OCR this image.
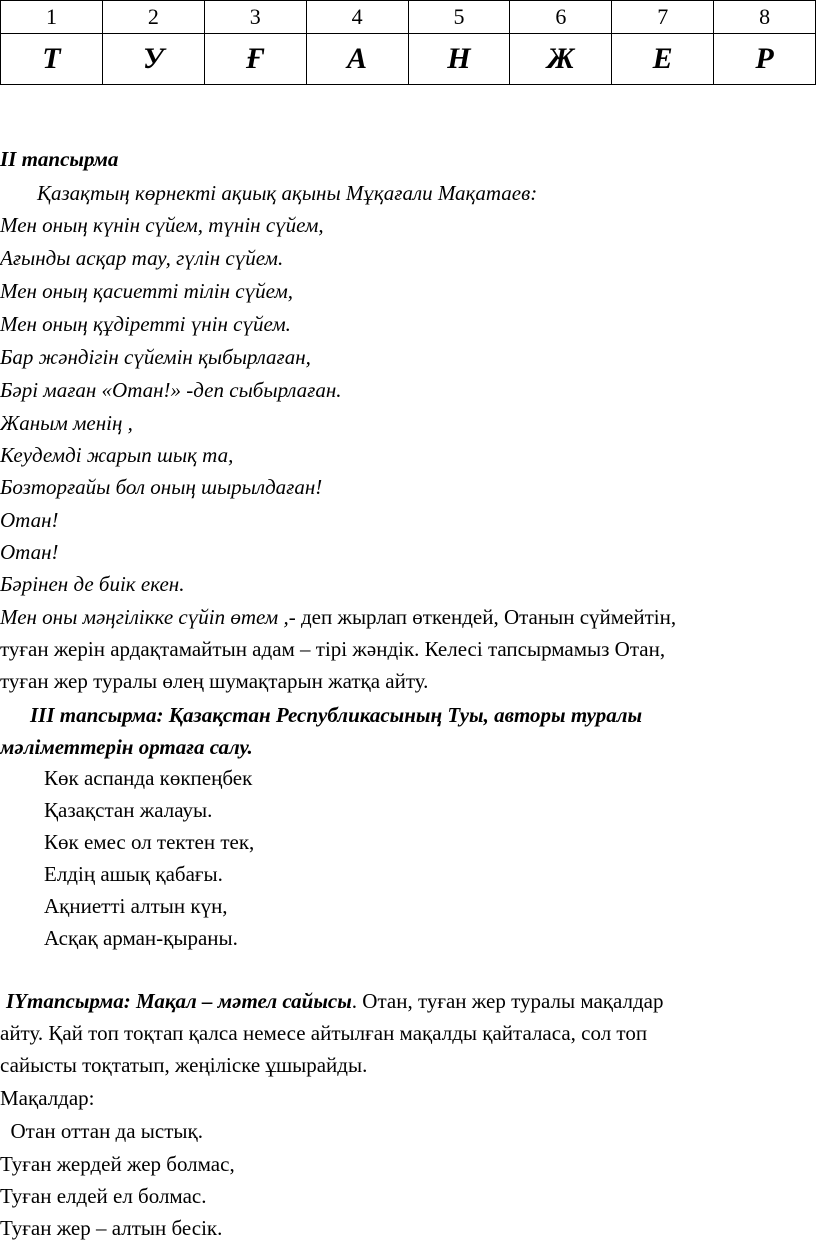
1	2	3	4	5	6	7	8
Т	У	Ғ	А	Н	Ж	Е	Р
ІІ тапсырма
Қазақтың көрнекті ақиық ақыны Мұқағали Мақатаев:
Мен оның күнін сүйем, түнін сүйем,
Ағынды асқар тау, гүлін сүйем.
Мен оның қасиетті тілін сүйем,
Мен оның құдіретті үнін сүйем.
Бар жәндігін сүйемін қыбырлаған,
Бәрі маған «Отан!» -деп сыбырлаған.
Жаным менің ,
Кеудемді жарып шық та,
Бозторғайы бол оның шырылдаған!
Отан!
Отан!
Бәрінен де биік екен.
Мен оны мәңгілікке сүйіп өтем ,- деп жырлап өткендей, Отанын сүймейтін,
туған жерін ардақтамайтын адам – тірі жәндік. Келесі тапсырмамыз Отан,
туған жер туралы өлең шумақтарын жатқа айту.
ІІІ тапсырма: Қазақстан Республикасының Туы, авторы туралы
мәліметтерін ортаға салу.
Көк аспанда көкпеңбек
Қазақстан жалауы.
Көк емес ол тектен тек,
Елдің ашық қабағы.
Ақниетті алтын күн,
Асқақ арман-қыраны.
IYтапсырма: Мақал – мәтел сайысы. Отан, туған жер туралы мақалдар
айту. Қай топ тоқтап қалса немесе айтылған мақалды қайталаса, сол топ
сайысты тоқтатып, жеңіліске ұшырайды.
Мақалдар:
Отан оттан да ыстық.
Туған жердей жер болмас,
Туған елдей ел болмас.
Туған жер – алтын бесік.
